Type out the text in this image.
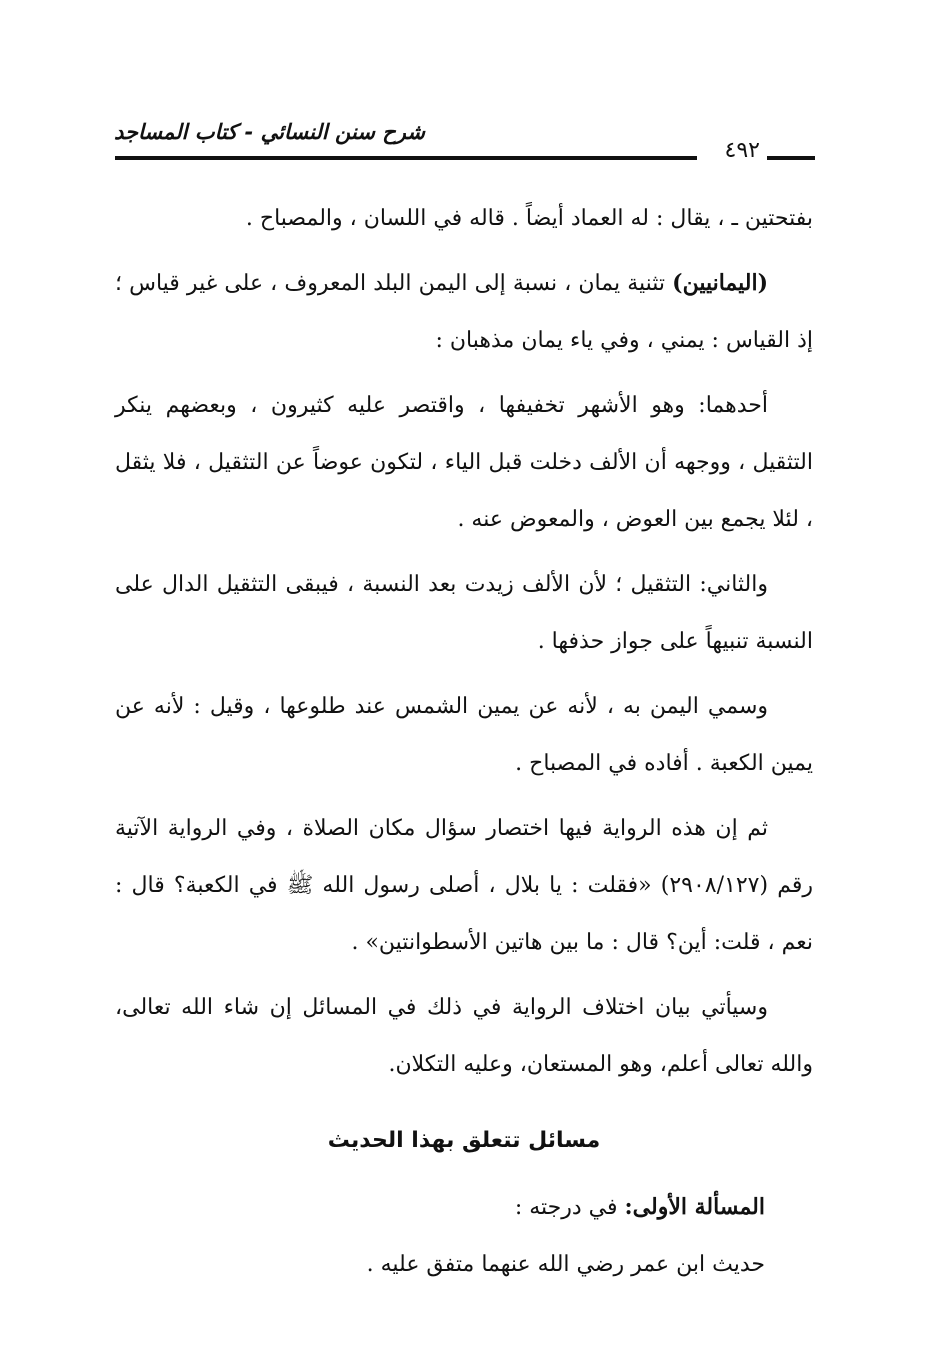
شرح سنن النسائي - كتاب المساجد
٤٩٢

بفتحتين ـ ، يقال : له العماد أيضاً . قاله في اللسان ، والمصباح .

(اليمانيين) تثنية يمان ، نسبة إلى اليمن البلد المعروف ، على غير قياس ؛ إذ القياس : يمني ، وفي ياء يمان مذهبان :

أحدهما: وهو الأشهر تخفيفها ، واقتصر عليه كثيرون ، وبعضهم ينكر التثقيل ، ووجهه أن الألف دخلت قبل الياء ، لتكون عوضاً عن التثقيل ، فلا يثقل ، لئلا يجمع بين العوض ، والمعوض عنه .

والثاني: التثقيل ؛ لأن الألف زيدت بعد النسبة ، فيبقى التثقيل الدال على النسبة تنبيهاً على جواز حذفها .

وسمي اليمن به ، لأنه عن يمين الشمس عند طلوعها ، وقيل : لأنه عن يمين الكعبة . أفاده في المصباح .

ثم إن هذه الرواية فيها اختصار سؤال مكان الصلاة ، وفي الرواية الآتية رقم (٢٩٠٨/١٢٧) «فقلت : يا بلال ، أصلى رسول الله ﷺ في الكعبة؟ قال : نعم ، قلت: أين؟ قال : ما بين هاتين الأسطوانتين» .

وسيأتي بيان اختلاف الرواية في ذلك في المسائل إن شاء الله تعالى، والله تعالى أعلم، وهو المستعان، وعليه التكلان.

مسائل تتعلق بهذا الحديث

المسألة الأولى: في درجته :

حديث ابن عمر رضي الله عنهما متفق عليه .
